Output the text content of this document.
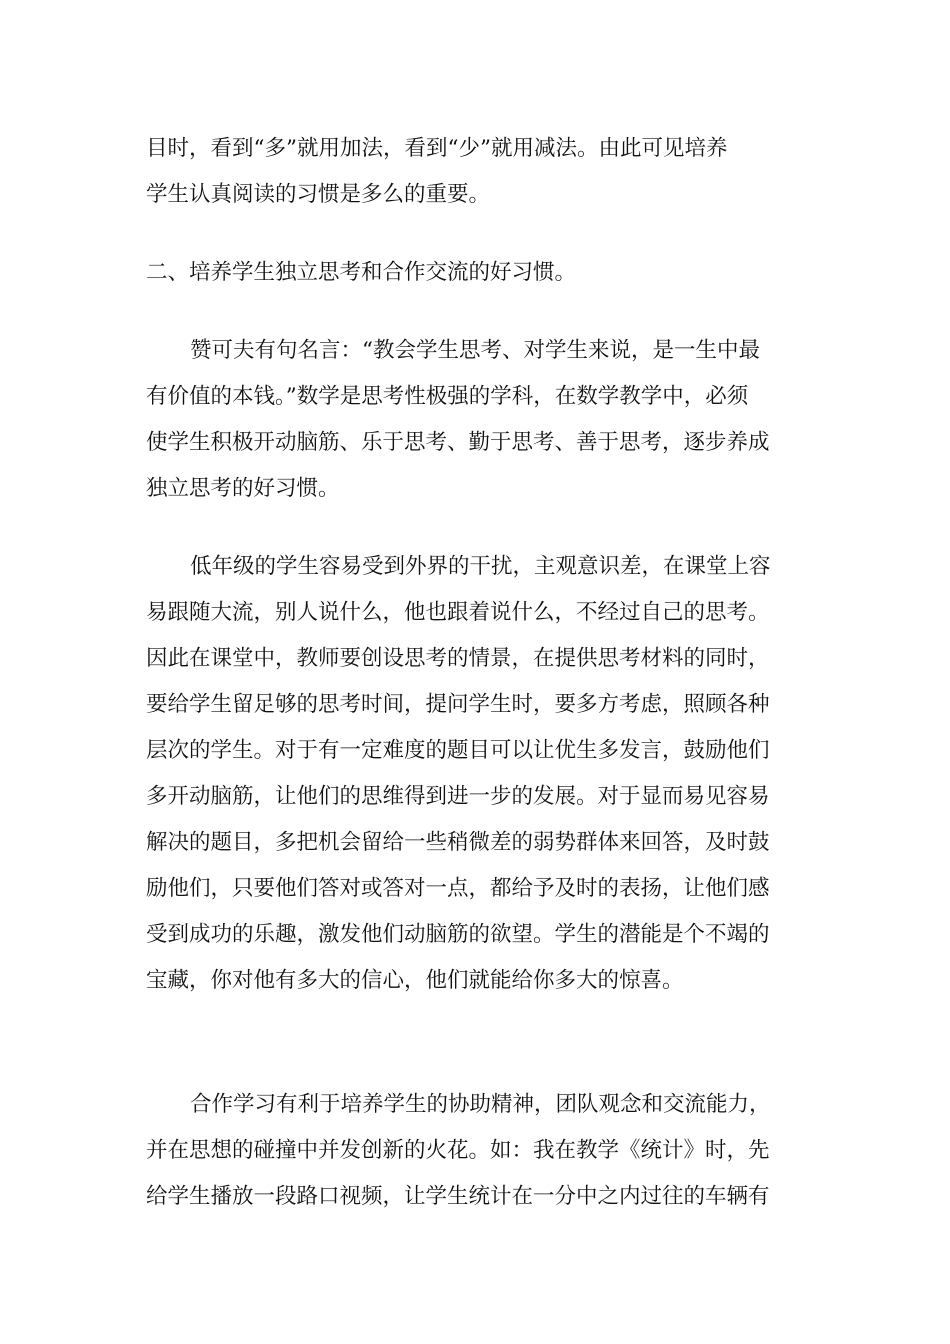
目时，看到“多”就用加法，看到“少”就用减法。由此可见培养
学生认真阅读的习惯是多么的重要。
二、培养学生独立思考和合作交流的好习惯。
赞可夫有句名言：“教会学生思考、对学生来说，是一生中最
有价值的本钱。”数学是思考性极强的学科，在数学教学中，必须
使学生积极开动脑筋、乐于思考、勤于思考、善于思考，逐步养成
独立思考的好习惯。
低年级的学生容易受到外界的干扰，主观意识差，在课堂上容
易跟随大流，别人说什么，他也跟着说什么，不经过自己的思考。
因此在课堂中，教师要创设思考的情景，在提供思考材料的同时，
要给学生留足够的思考时间，提问学生时，要多方考虑，照顾各种
层次的学生。对于有一定难度的题目可以让优生多发言，鼓励他们
多开动脑筋，让他们的思维得到进一步的发展。对于显而易见容易
解决的题目，多把机会留给一些稍微差的弱势群体来回答，及时鼓
励他们，只要他们答对或答对一点，都给予及时的表扬，让他们感
受到成功的乐趣，激发他们动脑筋的欲望。学生的潜能是个不竭的
宝藏，你对他有多大的信心，他们就能给你多大的惊喜。
合作学习有利于培养学生的协助精神，团队观念和交流能力，
并在思想的碰撞中并发创新的火花。如：我在教学《统计》时，先
给学生播放一段路口视频，让学生统计在一分中之内过往的车辆有
